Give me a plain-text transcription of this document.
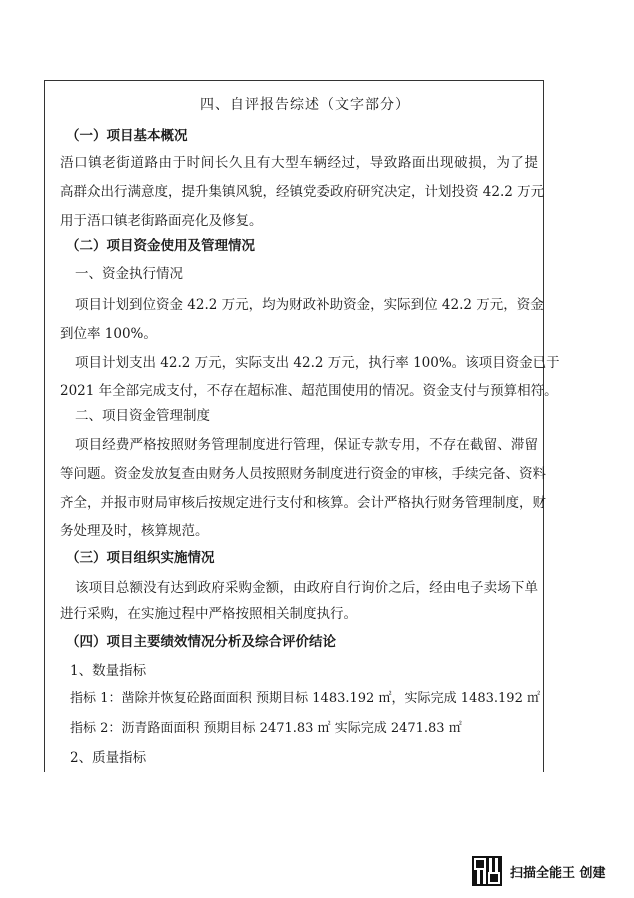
四、自评报告综述（文字部分）
（一）项目基本概况
浯口镇老街道路由于时间长久且有大型车辆经过，导致路面出现破损，为了提
高群众出行满意度，提升集镇风貌，经镇党委政府研究决定，计划投资 42.2 万元
用于浯口镇老街路面亮化及修复。
（二）项目资金使用及管理情况
一、资金执行情况
项目计划到位资金 42.2 万元，均为财政补助资金，实际到位 42.2 万元，资金
到位率 100%。
项目计划支出 42.2 万元，实际支出 42.2 万元，执行率 100%。该项目资金已于
2021 年全部完成支付，不存在超标准、超范围使用的情况。资金支付与预算相符。
二、项目资金管理制度
项目经费严格按照财务管理制度进行管理，保证专款专用，不存在截留、滞留
等问题。资金发放复查由财务人员按照财务制度进行资金的审核，手续完备、资料
齐全，并报市财局审核后按规定进行支付和核算。会计严格执行财务管理制度，财
务处理及时，核算规范。
（三）项目组织实施情况
该项目总额没有达到政府采购金额，由政府自行询价之后，经由电子卖场下单
进行采购，在实施过程中严格按照相关制度执行。
（四）项目主要绩效情况分析及综合评价结论
1、数量指标
指标 1：凿除并恢复砼路面面积 预期目标 1483.192 ㎡，实际完成 1483.192 ㎡
指标 2：沥青路面面积 预期目标 2471.83 ㎡ 实际完成 2471.83 ㎡
2、质量指标
扫描全能王 创建
